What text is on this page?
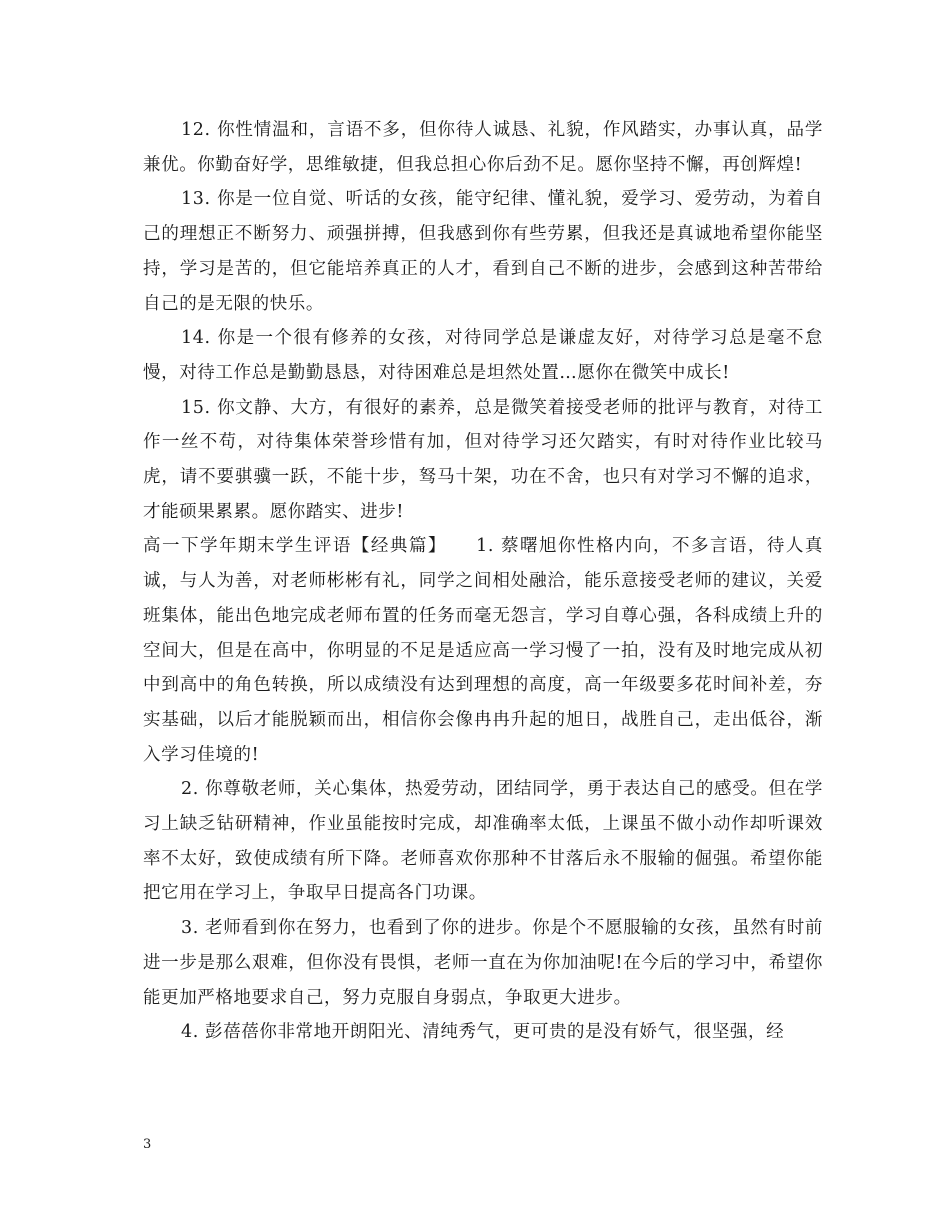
12. 你性情温和，言语不多，但你待人诚恳、礼貌，作风踏实，办事认真，品学兼优。你勤奋好学，思维敏捷，但我总担心你后劲不足。愿你坚持不懈，再创辉煌!

13. 你是一位自觉、听话的女孩，能守纪律、懂礼貌，爱学习、爱劳动，为着自己的理想正不断努力、顽强拼搏，但我感到你有些劳累，但我还是真诚地希望你能坚持，学习是苦的，但它能培养真正的人才，看到自己不断的进步，会感到这种苦带给自己的是无限的快乐。

14. 你是一个很有修养的女孩，对待同学总是谦虚友好，对待学习总是毫不怠慢，对待工作总是勤勤恳恳，对待困难总是坦然处置…愿你在微笑中成长!

15. 你文静、大方，有很好的素养，总是微笑着接受老师的批评与教育，对待工作一丝不苟，对待集体荣誉珍惜有加，但对待学习还欠踏实，有时对待作业比较马虎，请不要骐骥一跃，不能十步，驽马十架，功在不舍，也只有对学习不懈的追求，才能硕果累累。愿你踏实、进步!

高一下学年期末学生评语【经典篇】　　1. 蔡曙旭你性格内向，不多言语，待人真诚，与人为善，对老师彬彬有礼，同学之间相处融洽，能乐意接受老师的建议，关爱班集体，能出色地完成老师布置的任务而毫无怨言，学习自尊心强，各科成绩上升的空间大，但是在高中，你明显的不足是适应高一学习慢了一拍，没有及时地完成从初中到高中的角色转换，所以成绩没有达到理想的高度，高一年级要多花时间补差，夯实基础，以后才能脱颖而出，相信你会像冉冉升起的旭日，战胜自己，走出低谷，渐入学习佳境的!

2. 你尊敬老师，关心集体，热爱劳动，团结同学，勇于表达自己的感受。但在学习上缺乏钻研精神，作业虽能按时完成，却准确率太低，上课虽不做小动作却听课效率不太好，致使成绩有所下降。老师喜欢你那种不甘落后永不服输的倔强。希望你能把它用在学习上，争取早日提高各门功课。

3. 老师看到你在努力，也看到了你的进步。你是个不愿服输的女孩，虽然有时前进一步是那么艰难，但你没有畏惧，老师一直在为你加油呢!在今后的学习中，希望你能更加严格地要求自己，努力克服自身弱点，争取更大进步。

4. 彭蓓蓓你非常地开朗阳光、清纯秀气，更可贵的是没有娇气，很坚强，经

3
